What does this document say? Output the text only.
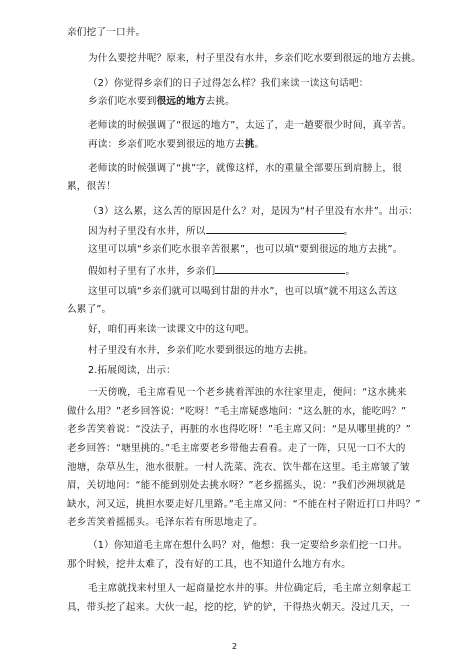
亲们挖了一口井。
为什么要挖井呢？原来，村子里没有水井，乡亲们吃水要到很远的地方去挑。
（2）你觉得乡亲们的日子过得怎么样？我们来读一读这句话吧：
乡亲们吃水要到很远的地方去挑。
老师读的时候强调了“很远的地方”，太远了，走一趟要很少时间，真辛苦。
再读：乡亲们吃水要到很远的地方去挑。
老师读的时候强调了“挑”字，就像这样，水的重量全部要压到肩膀上，很
累，很苦！
（3）这么累，这么苦的原因是什么？对，是因为“村子里没有水井”。出示：
因为村子里没有水井，所以	。
这里可以填“乡亲们吃水很辛苦很累”，也可以填“要到很远的地方去挑”。
假如村子里有了水井，乡亲们	。
这里可以填“乡亲们就可以喝到甘甜的井水”，也可以填“就不用这么苦这
么累了”。
好，咱们再来读一读课文中的这句吧。
村子里没有水井，乡亲们吃水要到很远的地方去挑。
2.拓展阅读，出示：
一天傍晚，毛主席看见一个老乡挑着浑浊的水往家里走，便问：“这水挑来
做什么用？”老乡回答说：“吃呀！”毛主席疑惑地问：“这么脏的水，能吃吗？”
老乡苦笑着说：“没法子，再脏的水也得吃呀！”毛主席又问：“是从哪里挑的？”
老乡回答：“塘里挑的。”毛主席要老乡带他去看看。走了一阵，只见一口不大的
池塘，杂草丛生，池水很脏。一村人洗菜、洗衣、饮牛都在这里。毛主席皱了皱
眉，关切地问：“能不能到别处去挑水呀？”老乡摇摇头，说：“我们沙洲坝就是
缺水，河又远，挑担水要走好几里路。”毛主席又问：“不能在村子附近打口井吗？”
老乡苦笑着摇摇头。毛泽东若有所思地走了。
（1）你知道毛主席在想什么吗？对，他想：我一定要给乡亲们挖一口井。
那个时候，挖井太难了，没有好的工具，也不知道什么地方有水。
毛主席就找来村里人一起商量挖水井的事。井位确定后，毛主席立刻拿起工
具，带头挖了起来。大伙一起，挖的挖，铲的铲，干得热火朝天。没过几天，一
2
